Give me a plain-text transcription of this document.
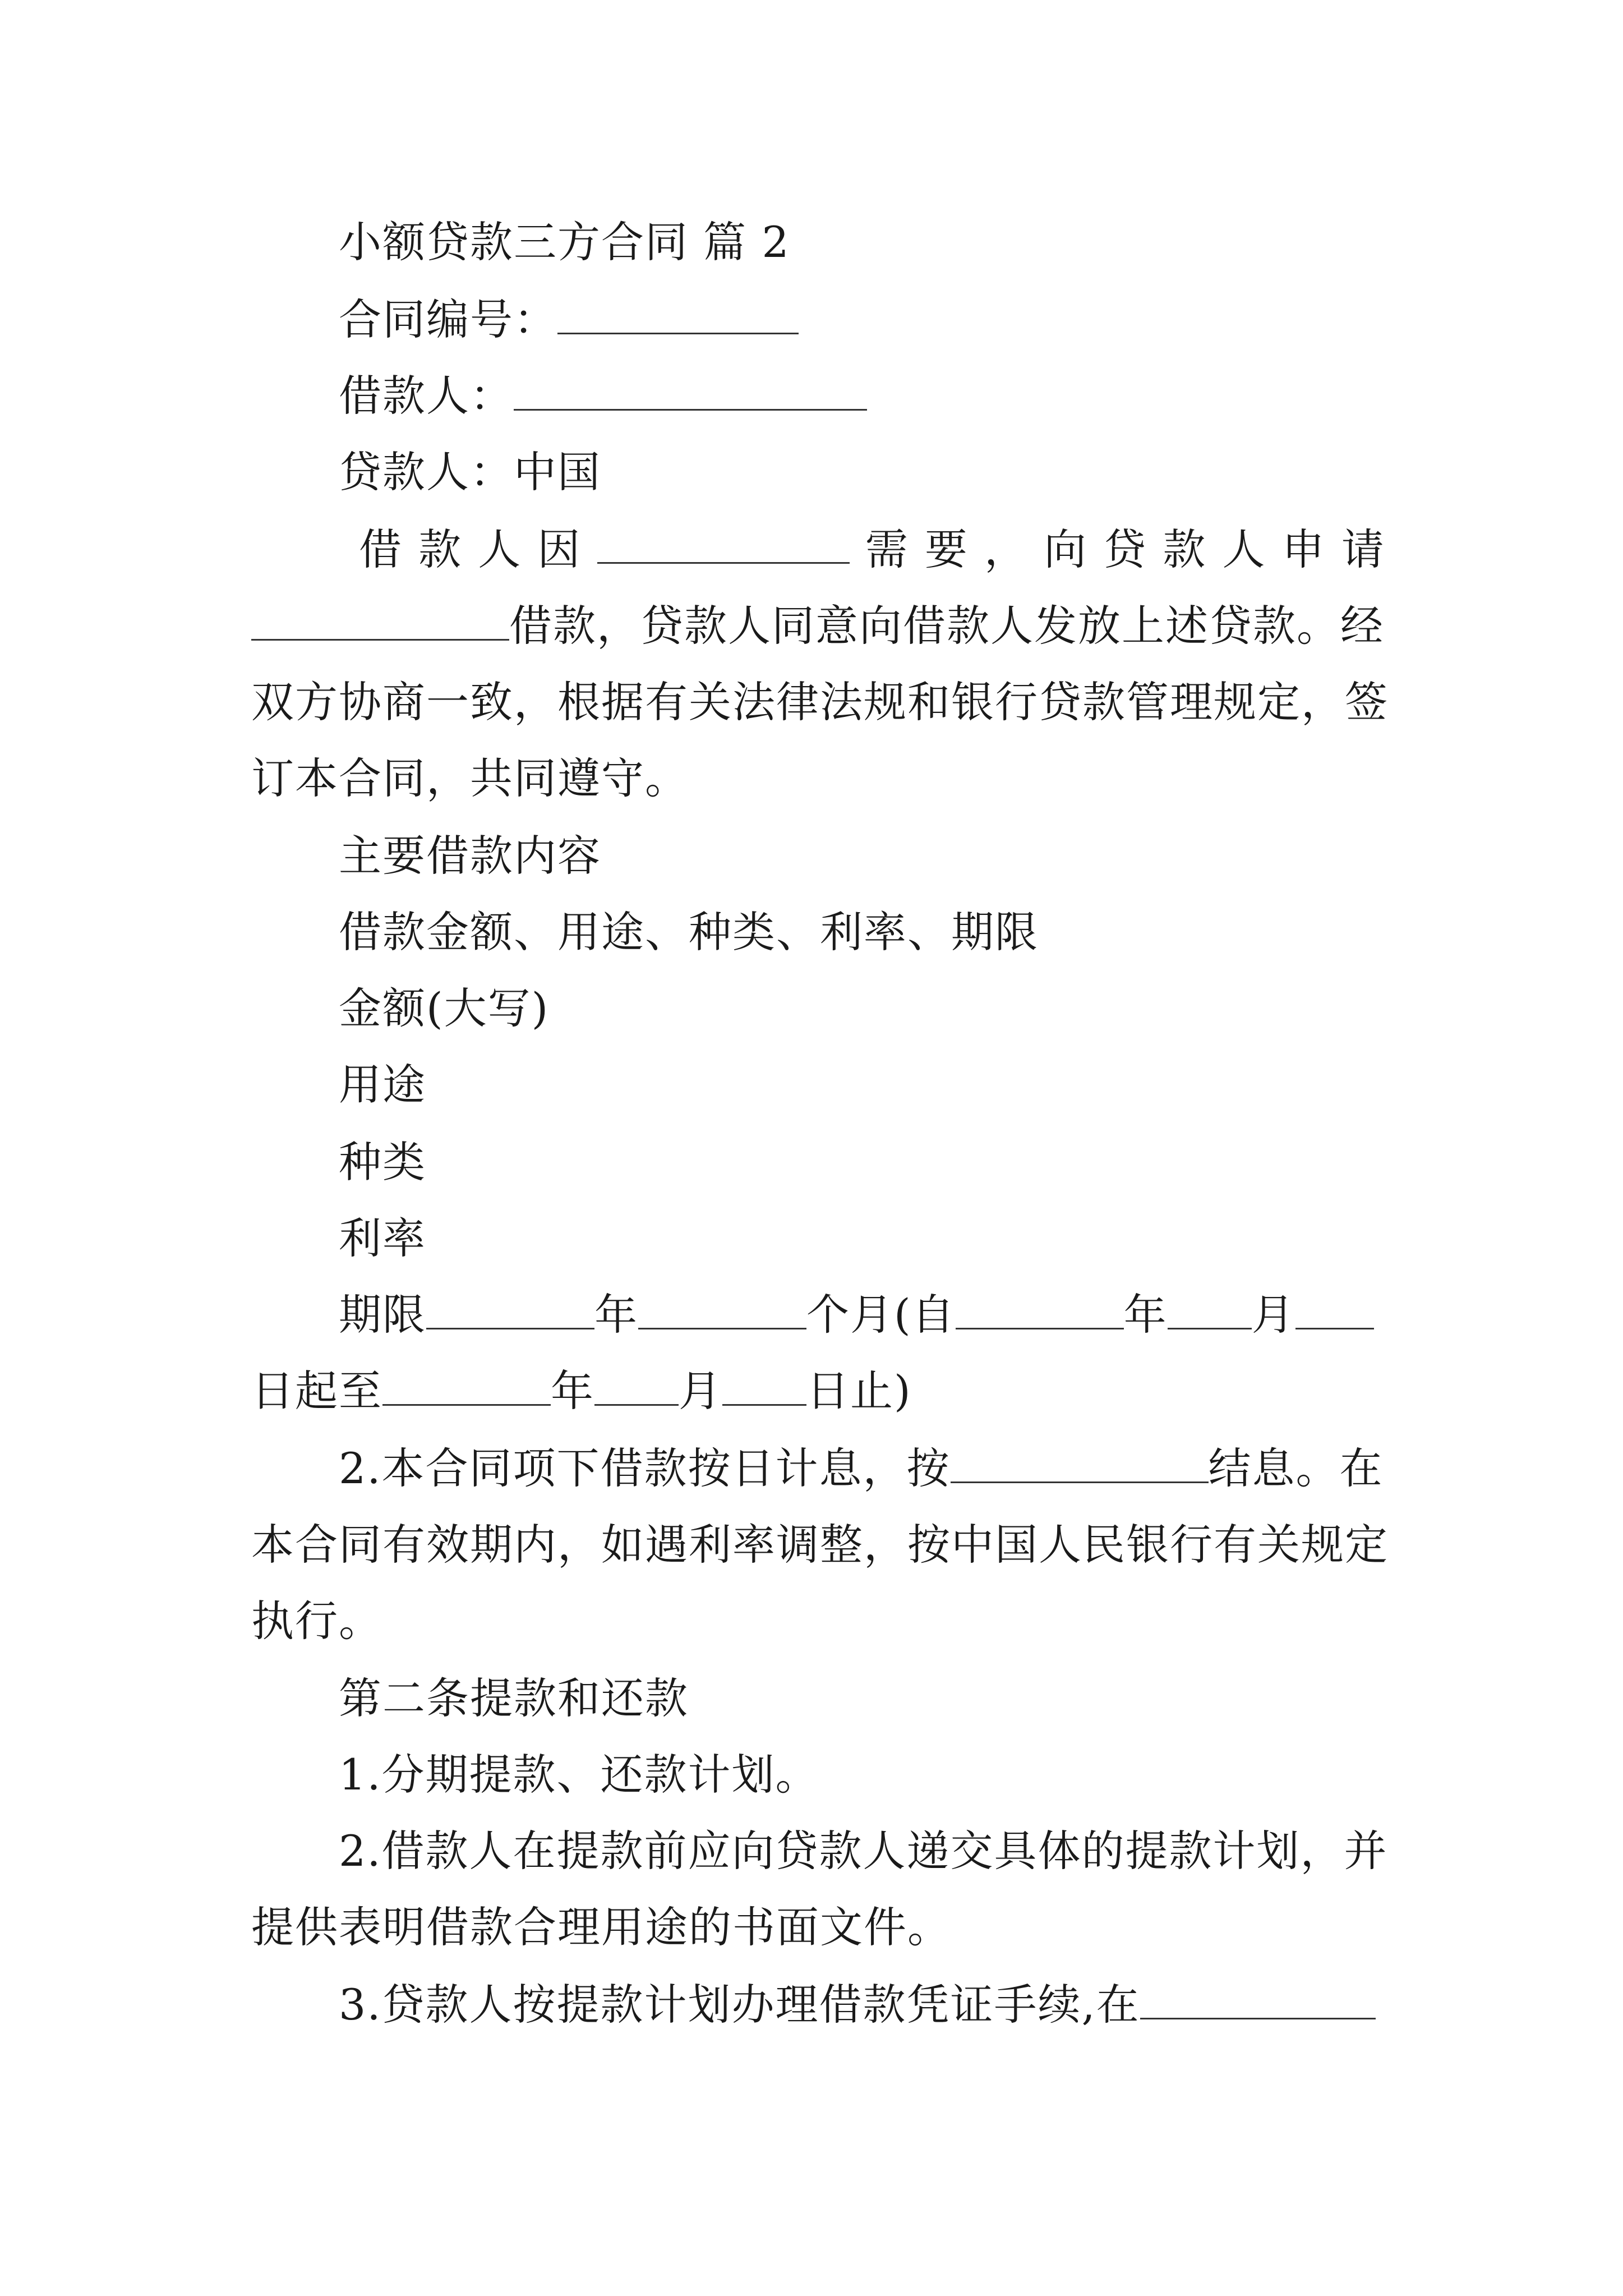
小额贷款三方合同 篇 2
合同编号：
借款人：
贷款人：中国
借 款 人 因	需 要 ， 向 贷 款 人 申 请
借款，贷款人同意向借款人发放上述贷款。经
双方协商一致，根据有关法律法规和银行贷款管理规定，签
订本合同，共同遵守。
主要借款内容
借款金额、用途、种类、利率、期限
金额(大写)
用途
种类
利率
期限	年	个月(自	年 月
日起至	年 月 日止)
2.本合同项下借款按日计息，按	结息。在
本合同有效期内，如遇利率调整，按中国人民银行有关规定
执行。
第二条提款和还款
1.分期提款、还款计划。
2.借款人在提款前应向贷款人递交具体的提款计划，并
提供表明借款合理用途的书面文件。
3.贷款人按提款计划办理借款凭证手续,在
